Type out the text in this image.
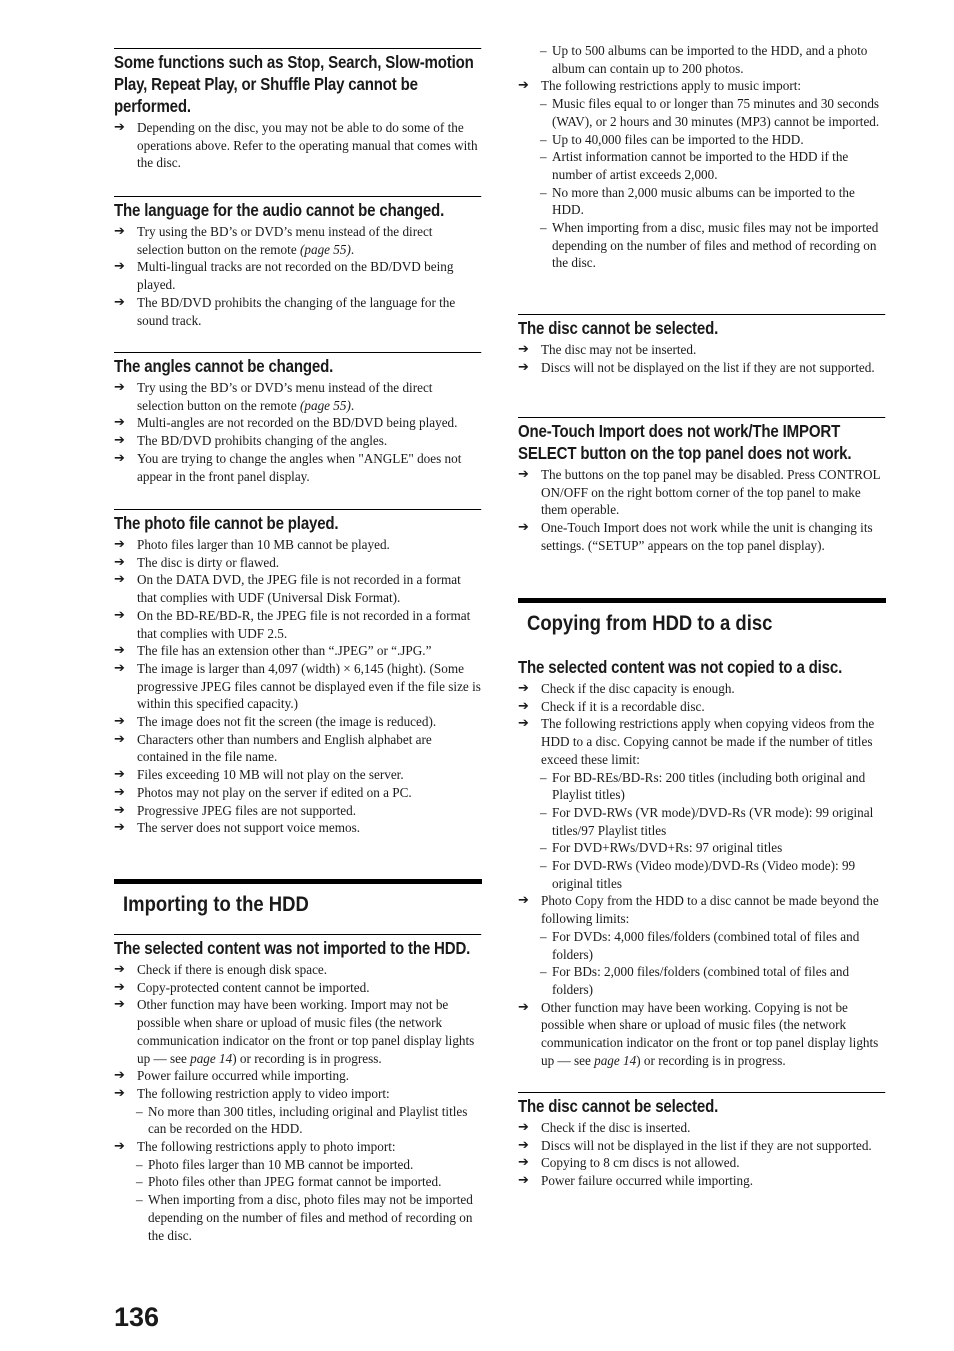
Some functions such as Stop, Search, Slow-motion Play, Repeat Play, or Shuffle Play cannot be performed.
➔ Depending on the disc, you may not be able to do some of the operations above. Refer to the operating manual that comes with the disc.
The language for the audio cannot be changed.
➔ Try using the BD’s or DVD’s menu instead of the direct selection button on the remote (page 55).
➔ Multi-lingual tracks are not recorded on the BD/DVD being played.
➔ The BD/DVD prohibits the changing of the language for the sound track.
The angles cannot be changed.
➔ Try using the BD’s or DVD’s menu instead of the direct selection button on the remote (page 55).
➔ Multi-angles are not recorded on the BD/DVD being played.
➔ The BD/DVD prohibits changing of the angles.
➔ You are trying to change the angles when "ANGLE" does not appear in the front panel display.
The photo file cannot be played.
➔ Photo files larger than 10 MB cannot be played.
➔ The disc is dirty or flawed.
➔ On the DATA DVD, the JPEG file is not recorded in a format that complies with UDF (Universal Disk Format).
➔ On the BD-RE/BD-R, the JPEG file is not recorded in a format that complies with UDF 2.5.
➔ The file has an extension other than “.JPEG” or “.JPG.”
➔ The image is larger than 4,097 (width) × 6,145 (hight). (Some progressive JPEG files cannot be displayed even if the file size is within this specified capacity.)
➔ The image does not fit the screen (the image is reduced).
➔ Characters other than numbers and English alphabet are contained in the file name.
➔ Files exceeding 10 MB will not play on the server.
➔ Photos may not play on the server if edited on a PC.
➔ Progressive JPEG files are not supported.
➔ The server does not support voice memos.
Importing to the HDD
The selected content was not imported to the HDD.
➔ Check if there is enough disk space.
➔ Copy-protected content cannot be imported.
➔ Other function may have been working. Import may not be possible when share or upload of music files (the network communication indicator on the front or top panel display lights up — see page 14) or recording is in progress.
➔ Power failure occurred while importing.
➔ The following restriction apply to video import:
– No more than 300 titles, including original and Playlist titles can be recorded on the HDD.
➔ The following restrictions apply to photo import:
– Photo files larger than 10 MB cannot be imported.
– Photo files other than JPEG format cannot be imported.
– When importing from a disc, photo files may not be imported depending on the number of files and method of recording on the disc.
– Up to 500 albums can be imported to the HDD, and a photo album can contain up to 200 photos.
➔ The following restrictions apply to music import:
– Music files equal to or longer than 75 minutes and 30 seconds (WAV), or 2 hours and 30 minutes (MP3) cannot be imported.
– Up to 40,000 files can be imported to the HDD.
– Artist information cannot be imported to the HDD if the number of artist exceeds 2,000.
– No more than 2,000 music albums can be imported to the HDD.
– When importing from a disc, music files may not be imported depending on the number of files and method of recording on the disc.
The disc cannot be selected.
➔ The disc may not be inserted.
➔ Discs will not be displayed on the list if they are not supported.
One-Touch Import does not work/The IMPORT SELECT button on the top panel does not work.
➔ The buttons on the top panel may be disabled. Press CONTROL ON/OFF on the right bottom corner of the top panel to make them operable.
➔ One-Touch Import does not work while the unit is changing its settings. (“SETUP” appears on the top panel display).
Copying from HDD to a disc
The selected content was not copied to a disc.
➔ Check if the disc capacity is enough.
➔ Check if it is a recordable disc.
➔ The following restrictions apply when copying videos from the HDD to a disc. Copying cannot be made if the number of titles exceed these limit:
– For BD-REs/BD-Rs: 200 titles (including both original and Playlist titles)
– For DVD-RWs (VR mode)/DVD-Rs (VR mode): 99 original titles/97 Playlist titles
– For DVD+RWs/DVD+Rs: 97 original titles
– For DVD-RWs (Video mode)/DVD-Rs (Video mode): 99 original titles
➔ Photo Copy from the HDD to a disc cannot be made beyond the following limits:
– For DVDs: 4,000 files/folders (combined total of files and folders)
– For BDs: 2,000 files/folders (combined total of files and folders)
➔ Other function may have been working. Copying is not be possible when share or upload of music files (the network communication indicator on the front or top panel display lights up — see page 14) or recording is in progress.
The disc cannot be selected.
➔ Check if the disc is inserted.
➔ Discs will not be displayed in the list if they are not supported.
➔ Copying to 8 cm discs is not allowed.
➔ Power failure occurred while importing.
136
